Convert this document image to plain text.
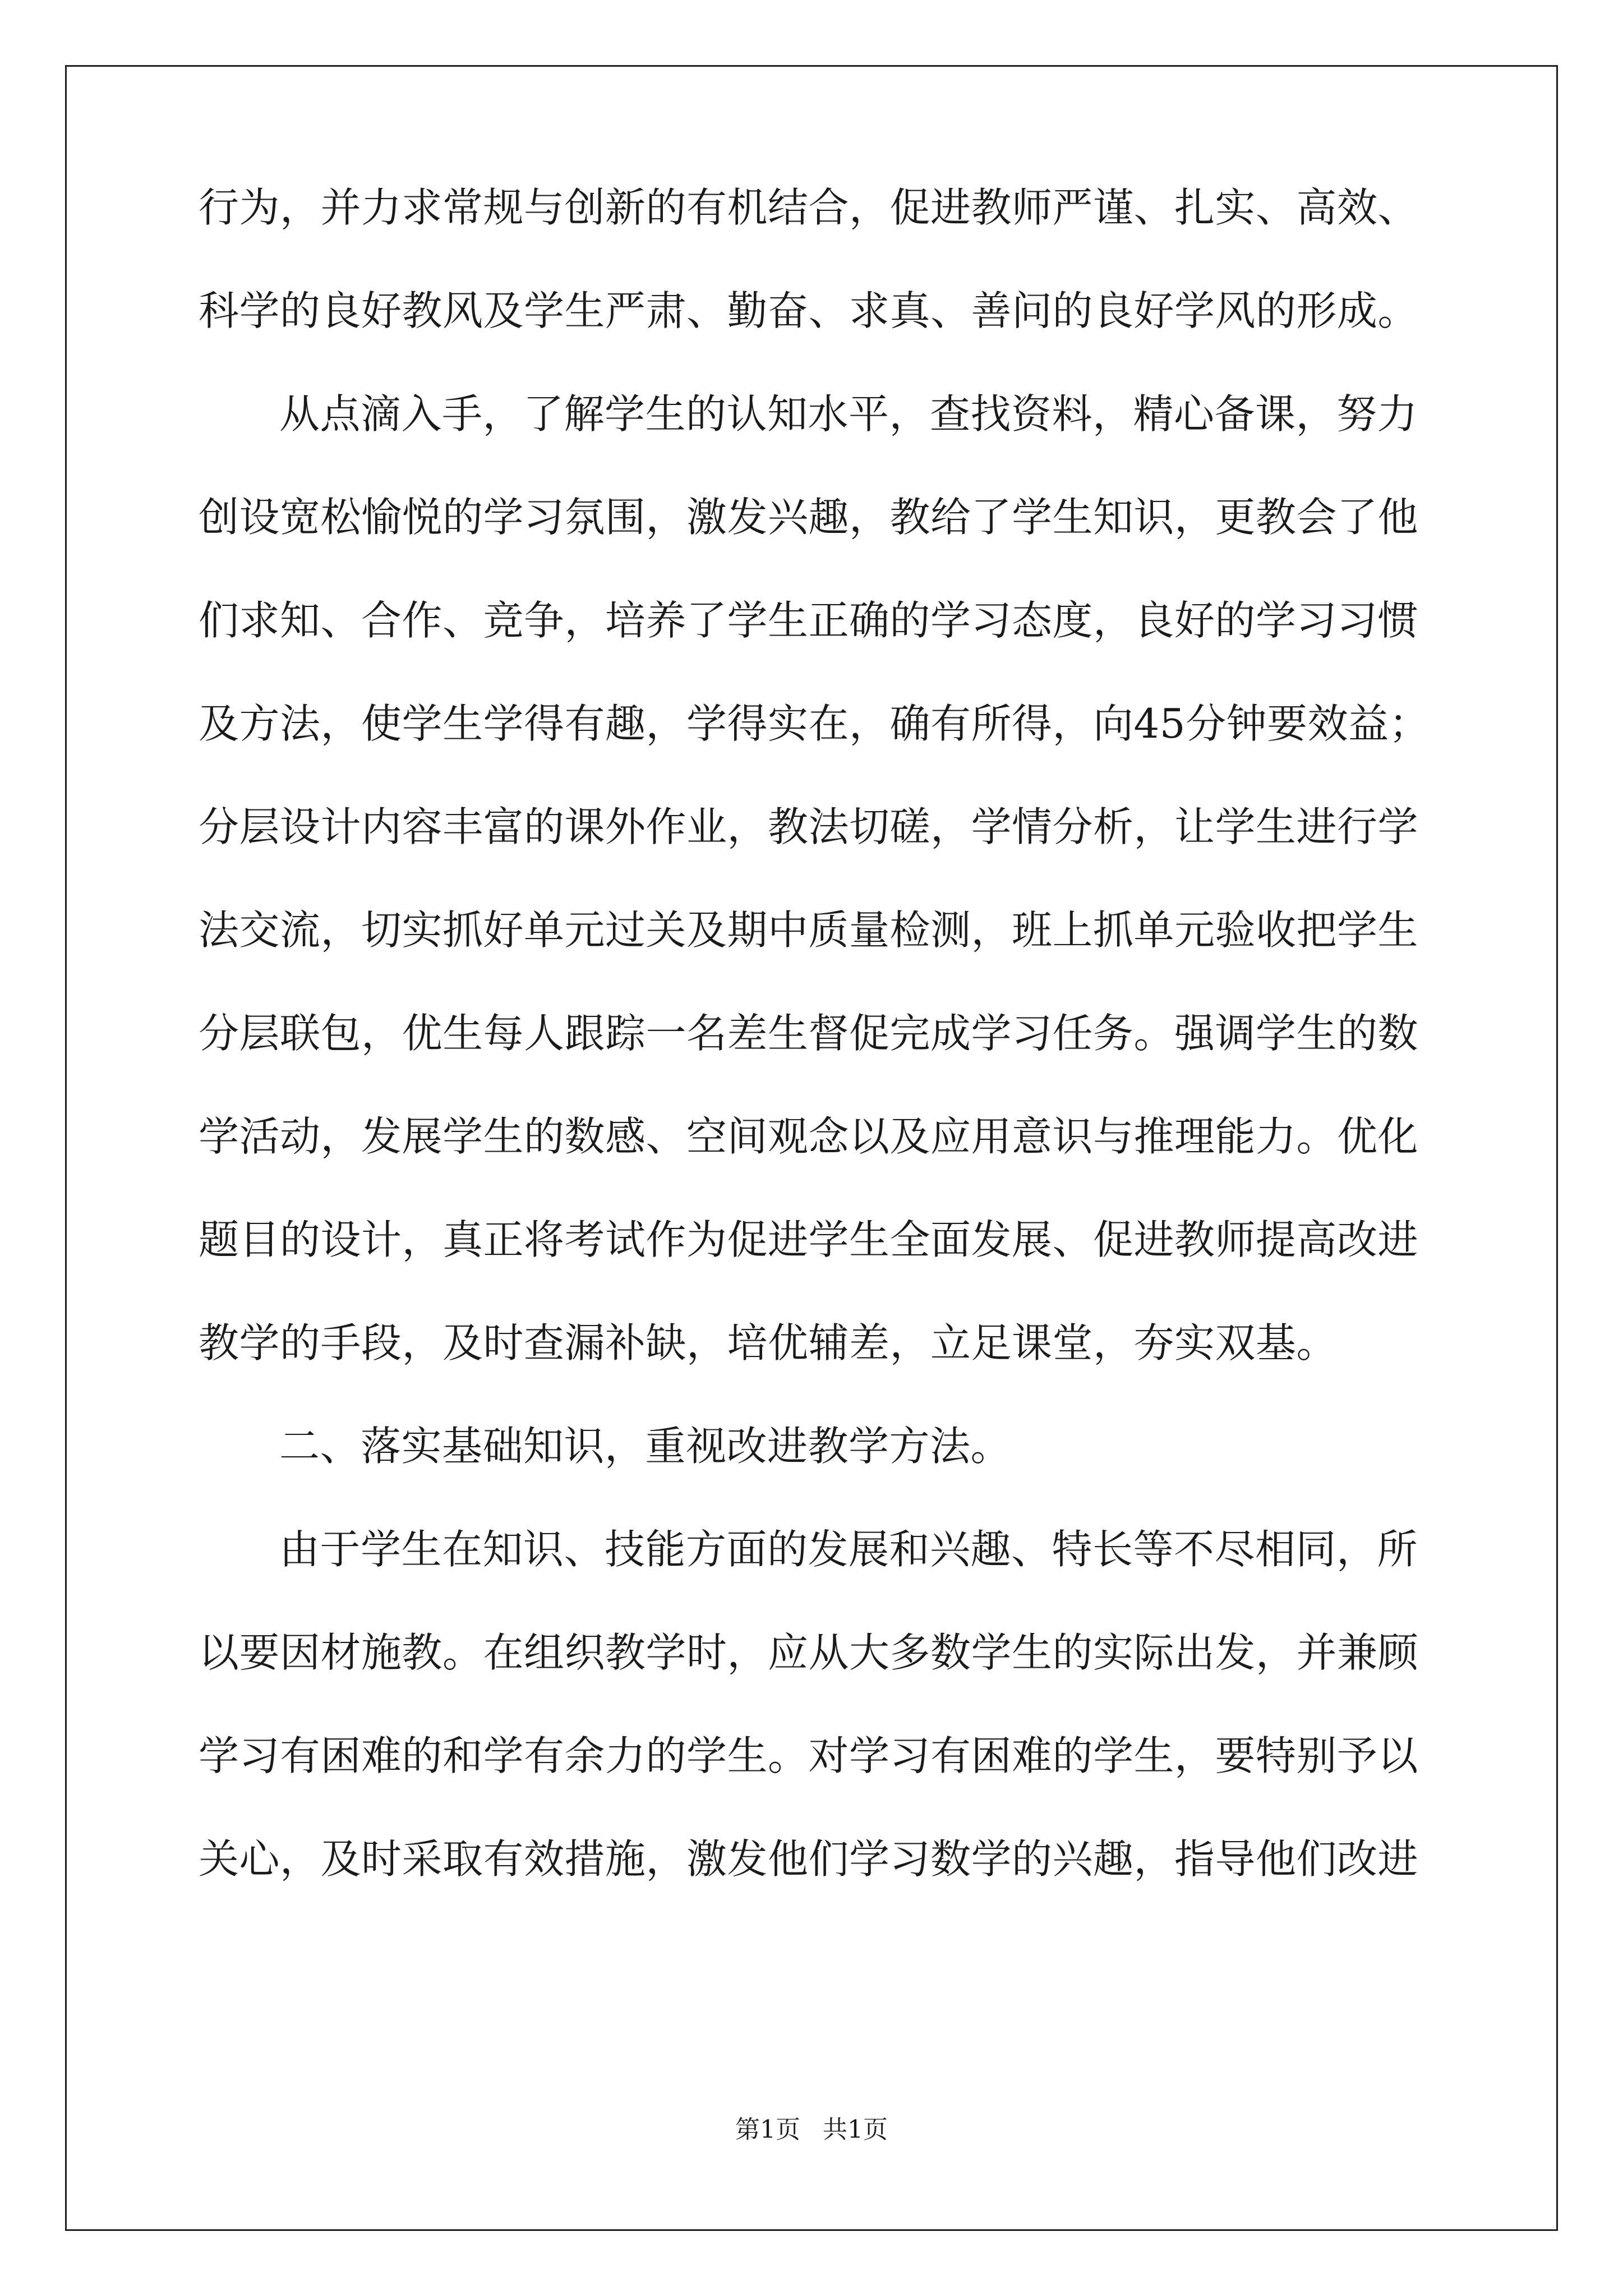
行为，并力求常规与创新的有机结合，促进教师严谨、扎实、高效、
科学的良好教风及学生严肃、勤奋、求真、善问的良好学风的形成。
从点滴入手，了解学生的认知水平，查找资料，精心备课，努力
创设宽松愉悦的学习氛围，激发兴趣，教给了学生知识，更教会了他
们求知、合作、竞争，培养了学生正确的学习态度，良好的学习习惯
及方法，使学生学得有趣，学得实在，确有所得，向45分钟要效益；
分层设计内容丰富的课外作业，教法切磋，学情分析，让学生进行学
法交流，切实抓好单元过关及期中质量检测，班上抓单元验收把学生
分层联包，优生每人跟踪一名差生督促完成学习任务。强调学生的数
学活动，发展学生的数感、空间观念以及应用意识与推理能力。优化
题目的设计，真正将考试作为促进学生全面发展、促进教师提高改进
教学的手段，及时查漏补缺，培优辅差，立足课堂，夯实双基。
二、落实基础知识，重视改进教学方法。
由于学生在知识、技能方面的发展和兴趣、特长等不尽相同，所
以要因材施教。在组织教学时，应从大多数学生的实际出发，并兼顾
学习有困难的和学有余力的学生。对学习有困难的学生，要特别予以
关心，及时采取有效措施，激发他们学习数学的兴趣，指导他们改进
第1页 共1页
